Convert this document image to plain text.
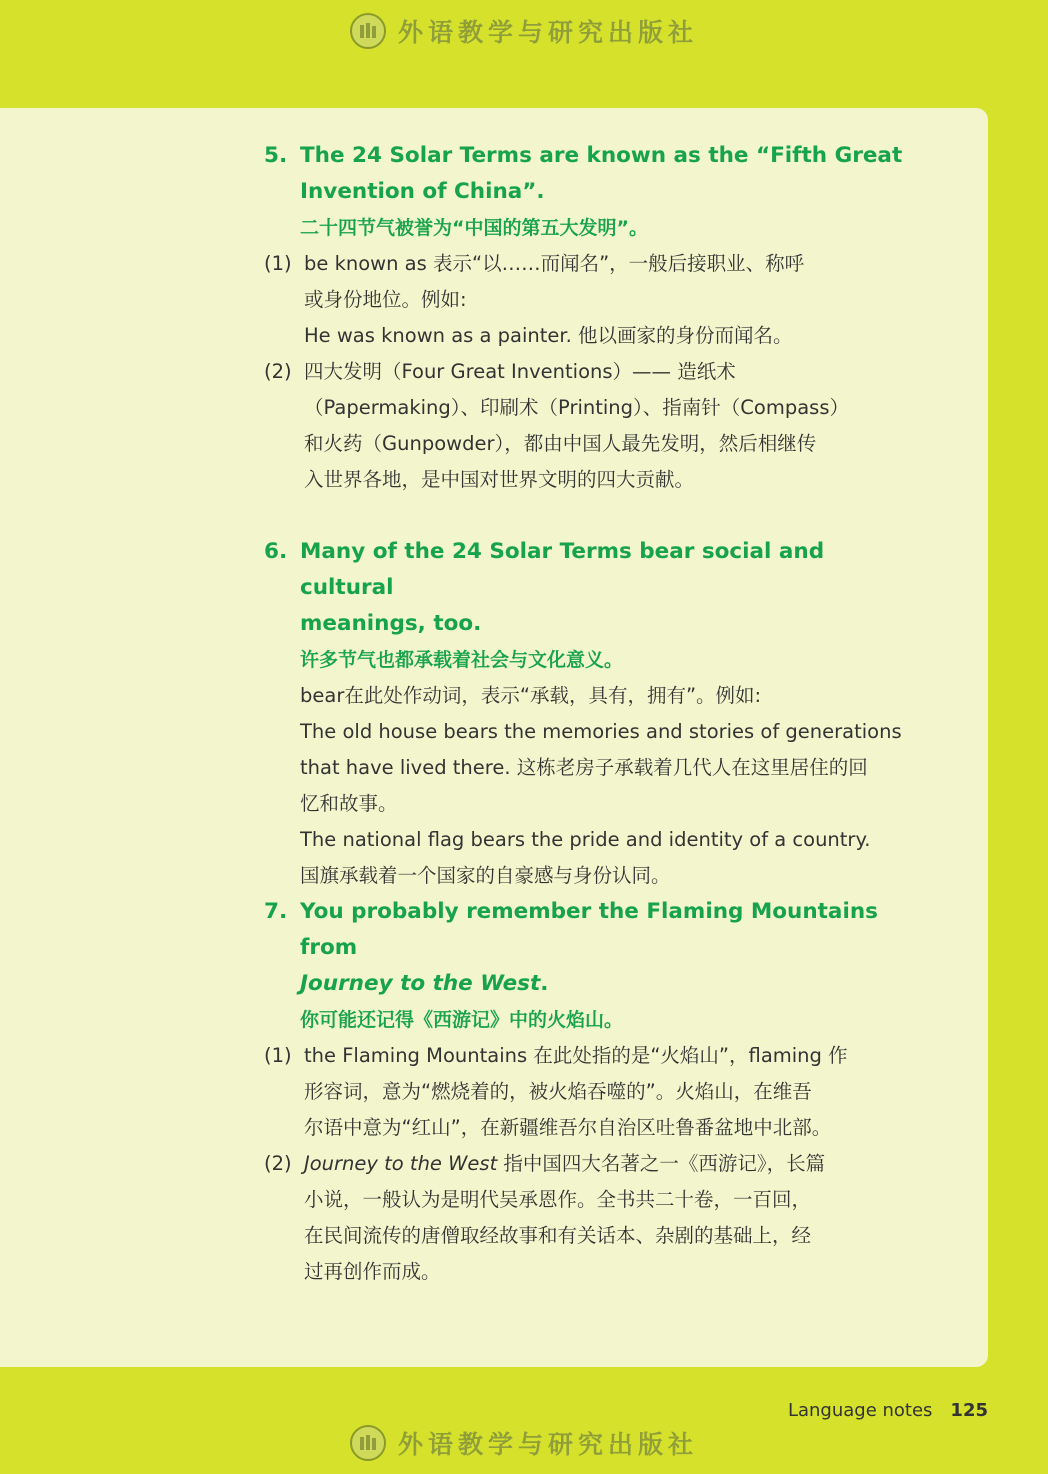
外语教学与研究出版社
5. The 24 Solar Terms are known as the “Fifth Great
Invention of China”.
二十四节气被誉为“中国的第五大发明”。
(1) be known as 表示“以……而闻名”，一般后接职业、称呼
或身份地位。例如:
He was known as a painter. 他以画家的身份而闻名。
(2) 四大发明（Four Great Inventions）—— 造纸术
（Papermaking）、印刷术（Printing）、指南针（Compass）
和火药（Gunpowder），都由中国人最先发明，然后相继传
入世界各地，是中国对世界文明的四大贡献。
6. Many of the 24 Solar Terms bear social and cultural
meanings, too.
许多节气也都承载着社会与文化意义。
bear在此处作动词，表示“承载，具有，拥有”。例如:
The old house bears the memories and stories of generations
that have lived there. 这栋老房子承载着几代人在这里居住的回
忆和故事。
The national flag bears the pride and identity of a country.
国旗承载着一个国家的自豪感与身份认同。
7. You probably remember the Flaming Mountains from
Journey to the West.
你可能还记得《西游记》中的火焰山。
(1) the Flaming Mountains 在此处指的是“火焰山”，flaming 作
形容词，意为“燃烧着的，被火焰吞噬的”。火焰山，在维吾
尔语中意为“红山”，在新疆维吾尔自治区吐鲁番盆地中北部。
(2) Journey to the West 指中国四大名著之一《西游记》，长篇
小说，一般认为是明代吴承恩作。全书共二十卷，一百回，
在民间流传的唐僧取经故事和有关话本、杂剧的基础上，经
过再创作而成。
Language notes 125
外语教学与研究出版社
